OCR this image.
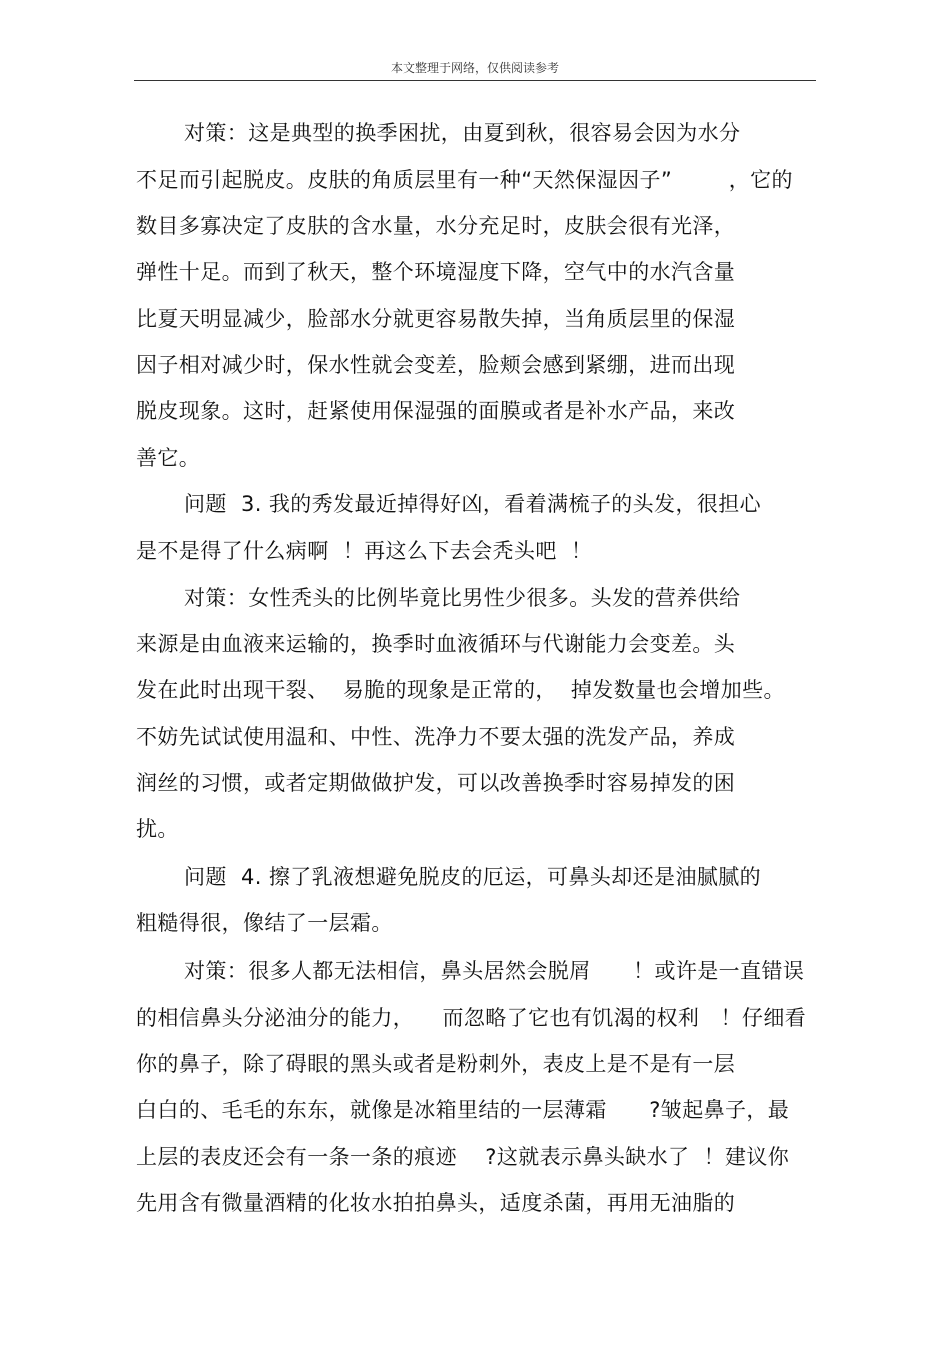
本文整理于网络，仅供阅读参考
对策：这是典型的换季困扰，由夏到秋，很容易会因为水分
不足而引起脱皮。皮肤的角质层里有一种“天然保湿因子”        ，它的
数目多寡决定了皮肤的含水量，水分充足时，皮肤会很有光泽，
弹性十足。而到了秋天，整个环境湿度下降，空气中的水汽含量
比夏天明显减少，脸部水分就更容易散失掉，当角质层里的保湿
因子相对减少时，保水性就会变差，脸颊会感到紧绷，进而出现
脱皮现象。这时，赶紧使用保湿强的面膜或者是补水产品，来改
善它。
问题  3. 我的秀发最近掉得好凶，看着满梳子的头发，很担心
是不是得了什么病啊  ！再这么下去会秃头吧  ！
对策：女性秃头的比例毕竟比男性少很多。头发的营养供给
来源是由血液来运输的，换季时血液循环与代谢能力会变差。头
发在此时出现干裂、  易脆的现象是正常的，  掉发数量也会增加些。
不妨先试试使用温和、中性、洗净力不要太强的洗发产品，养成
润丝的习惯，或者定期做做护发，可以改善换季时容易掉发的困
扰。
问题  4. 擦了乳液想避免脱皮的厄运，可鼻头却还是油腻腻的
粗糙得很，像结了一层霜。
对策：很多人都无法相信，鼻头居然会脱屑      ！或许是一直错误
的相信鼻头分泌油分的能力，    而忽略了它也有饥渴的权利   ！仔细看
你的鼻子，除了碍眼的黑头或者是粉刺外，表皮上是不是有一层
白白的、毛毛的东东，就像是冰箱里结的一层薄霜      ?皱起鼻子，最
上层的表皮还会有一条一条的痕迹    ?这就表示鼻头缺水了  ！建议你
先用含有微量酒精的化妆水拍拍鼻头，适度杀菌，再用无油脂的
